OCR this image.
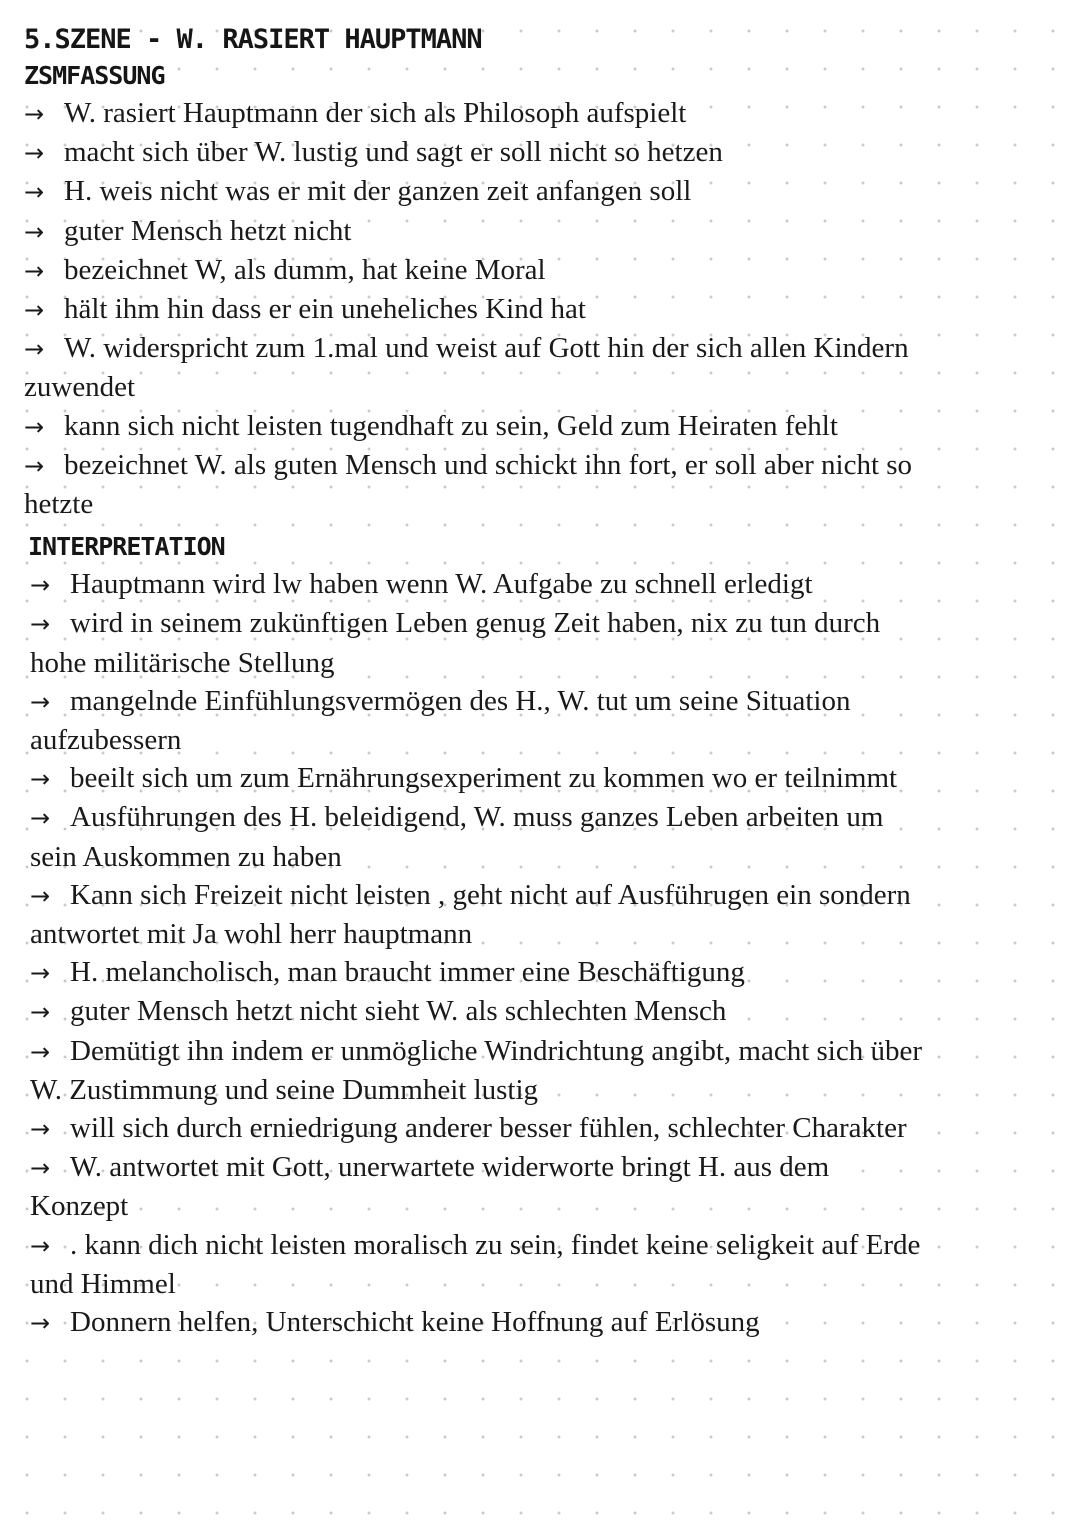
5.SZENE - W. RASIERT HAUPTMANN
ZSMFASSUNG
→ W. rasiert Hauptmann der sich als Philosoph aufspielt
→ macht sich über W. lustig und sagt er soll nicht so hetzen
→ H. weis nicht was er mit der ganzen zeit anfangen soll
→ guter Mensch hetzt nicht
→ bezeichnet W, als dumm, hat keine Moral
→ hält ihm hin dass er ein uneheliches Kind hat
→ W. widerspricht zum 1.mal und weist auf Gott hin der sich allen Kindern zuwendet
→ kann sich nicht leisten tugendhaft zu sein, Geld zum Heiraten fehlt
→ bezeichnet W. als guten Mensch und schickt ihn fort, er soll aber nicht so hetzte
INTERPRETATION
→ Hauptmann wird lw haben wenn W. Aufgabe zu schnell erledigt
→ wird in seinem zukünftigen Leben genug Zeit haben, nix zu tun durch hohe militärische Stellung
→ mangelnde Einfühlungsvermögen des H., W. tut um seine Situation aufzubessern
→ beeilt sich um zum Ernährungsexperiment zu kommen wo er teilnimmt
→ Ausführungen des H. beleidigend, W. muss ganzes Leben arbeiten um sein Auskommen zu haben
→ Kann sich Freizeit nicht leisten , geht nicht auf Ausführugen ein sondern antwortet mit Ja wohl herr hauptmann
→ H. melancholisch, man braucht immer eine Beschäftigung
→ guter Mensch hetzt nicht sieht W. als schlechten Mensch
→ Demütigt ihn indem er unmögliche Windrichtung angibt, macht sich über W. Zustimmung und seine Dummheit lustig
→ will sich durch erniedrigung anderer besser fühlen, schlechter Charakter
→ W. antwortet mit Gott, unerwartete widerworte bringt H. aus dem Konzept
→ . kann dich nicht leisten moralisch zu sein, findet keine seligkeit auf Erde und Himmel
→ Donnern helfen, Unterschicht keine Hoffnung auf Erlösung
